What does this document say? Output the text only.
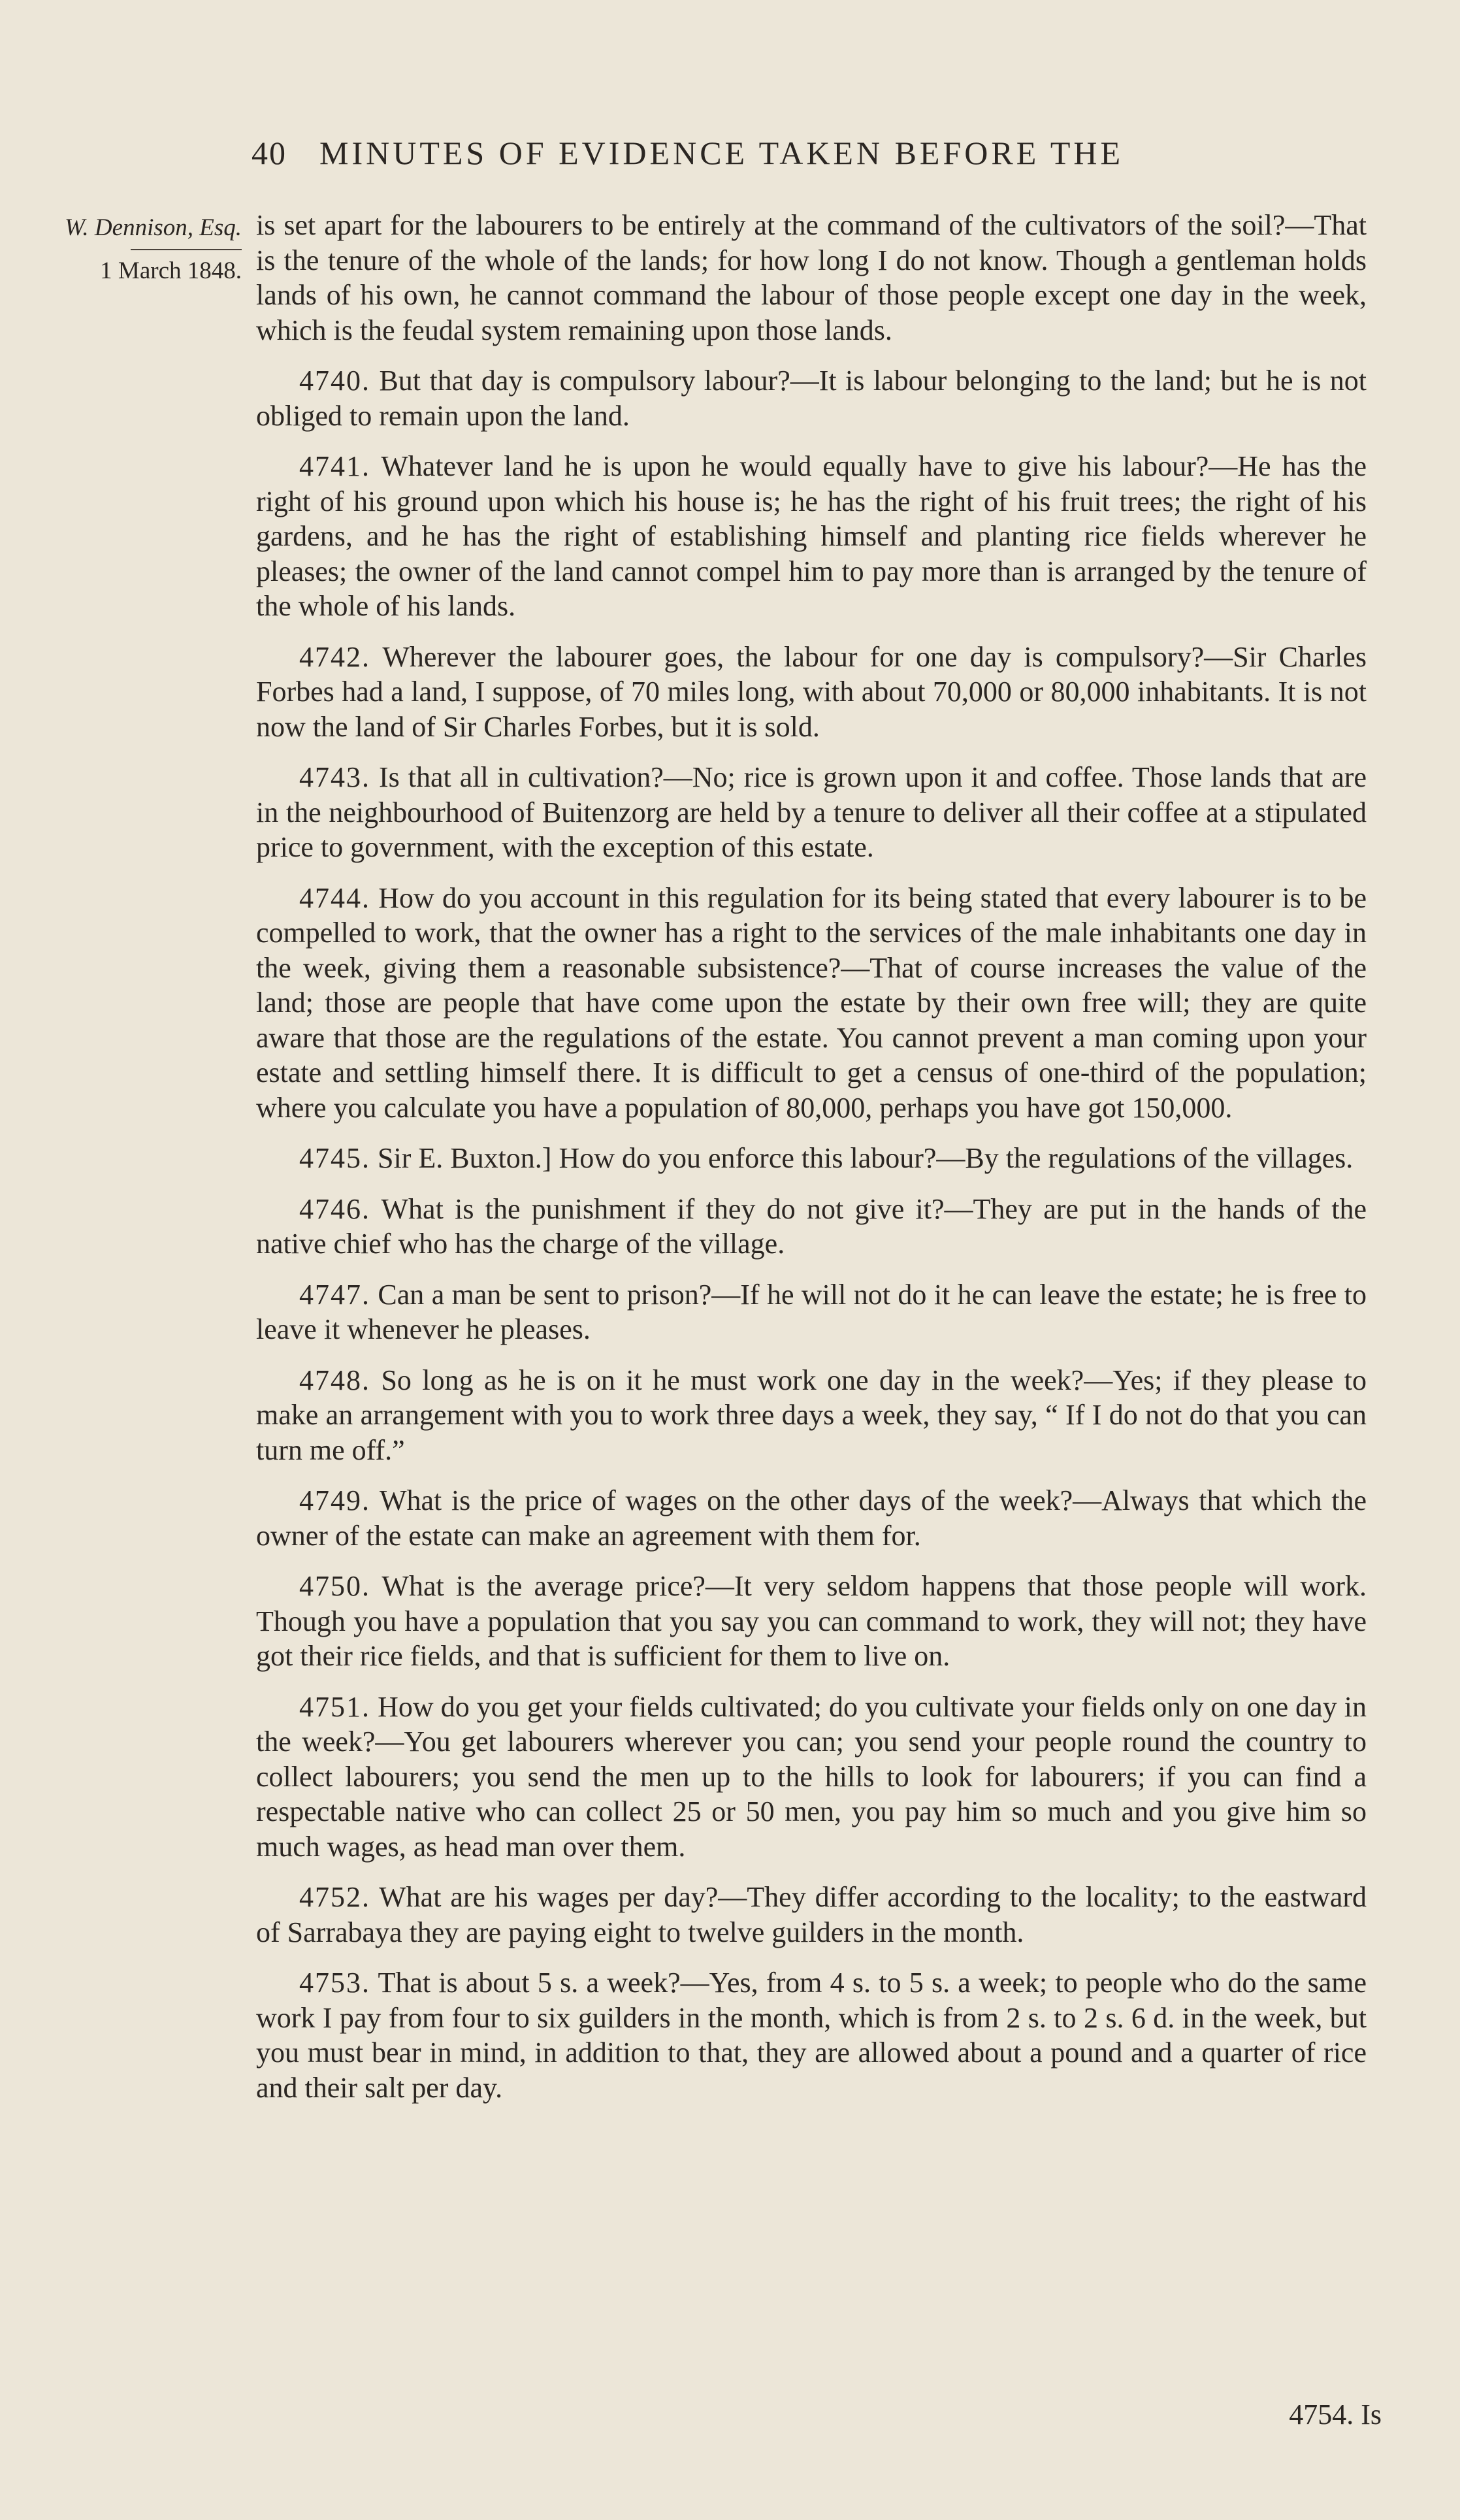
40 MINUTES OF EVIDENCE TAKEN BEFORE THE
W. Dennison, Esq.
1 March 1848.

is set apart for the labourers to be entirely at the command of the cultivators of the soil?—That is the tenure of the whole of the lands; for how long I do not know. Though a gentleman holds lands of his own, he cannot command the labour of those people except one day in the week, which is the feudal system remaining upon those lands.

4740. But that day is compulsory labour?—It is labour belonging to the land; but he is not obliged to remain upon the land.

4741. Whatever land he is upon he would equally have to give his labour?—He has the right of his ground upon which his house is; he has the right of his fruit trees; the right of his gardens, and he has the right of establishing himself and planting rice fields wherever he pleases; the owner of the land cannot compel him to pay more than is arranged by the tenure of the whole of his lands.

4742. Wherever the labourer goes, the labour for one day is compulsory?—Sir Charles Forbes had a land, I suppose, of 70 miles long, with about 70,000 or 80,000 inhabitants. It is not now the land of Sir Charles Forbes, but it is sold.

4743. Is that all in cultivation?—No; rice is grown upon it and coffee. Those lands that are in the neighbourhood of Buitenzorg are held by a tenure to deliver all their coffee at a stipulated price to government, with the exception of this estate.

4744. How do you account in this regulation for its being stated that every labourer is to be compelled to work, that the owner has a right to the services of the male inhabitants one day in the week, giving them a reasonable subsistence?—That of course increases the value of the land; those are people that have come upon the estate by their own free will; they are quite aware that those are the regulations of the estate. You cannot prevent a man coming upon your estate and settling himself there. It is difficult to get a census of one-third of the population; where you calculate you have a population of 80,000, perhaps you have got 150,000.

4745. Sir E. Buxton.] How do you enforce this labour?—By the regulations of the villages.

4746. What is the punishment if they do not give it?—They are put in the hands of the native chief who has the charge of the village.

4747. Can a man be sent to prison?—If he will not do it he can leave the estate; he is free to leave it whenever he pleases.

4748. So long as he is on it he must work one day in the week?—Yes; if they please to make an arrangement with you to work three days a week, they say, “ If I do not do that you can turn me off.”

4749. What is the price of wages on the other days of the week?—Always that which the owner of the estate can make an agreement with them for.

4750. What is the average price?—It very seldom happens that those people will work. Though you have a population that you say you can command to work, they will not; they have got their rice fields, and that is sufficient for them to live on.

4751. How do you get your fields cultivated; do you cultivate your fields only on one day in the week?—You get labourers wherever you can; you send your people round the country to collect labourers; you send the men up to the hills to look for labourers; if you can find a respectable native who can collect 25 or 50 men, you pay him so much and you give him so much wages, as head man over them.

4752. What are his wages per day?—They differ according to the locality; to the eastward of Sarrabaya they are paying eight to twelve guilders in the month.

4753. That is about 5 s. a week?—Yes, from 4 s. to 5 s. a week; to people who do the same work I pay from four to six guilders in the month, which is from 2 s. to 2 s. 6 d. in the week, but you must bear in mind, in addition to that, they are allowed about a pound and a quarter of rice and their salt per day.

4754. Is
